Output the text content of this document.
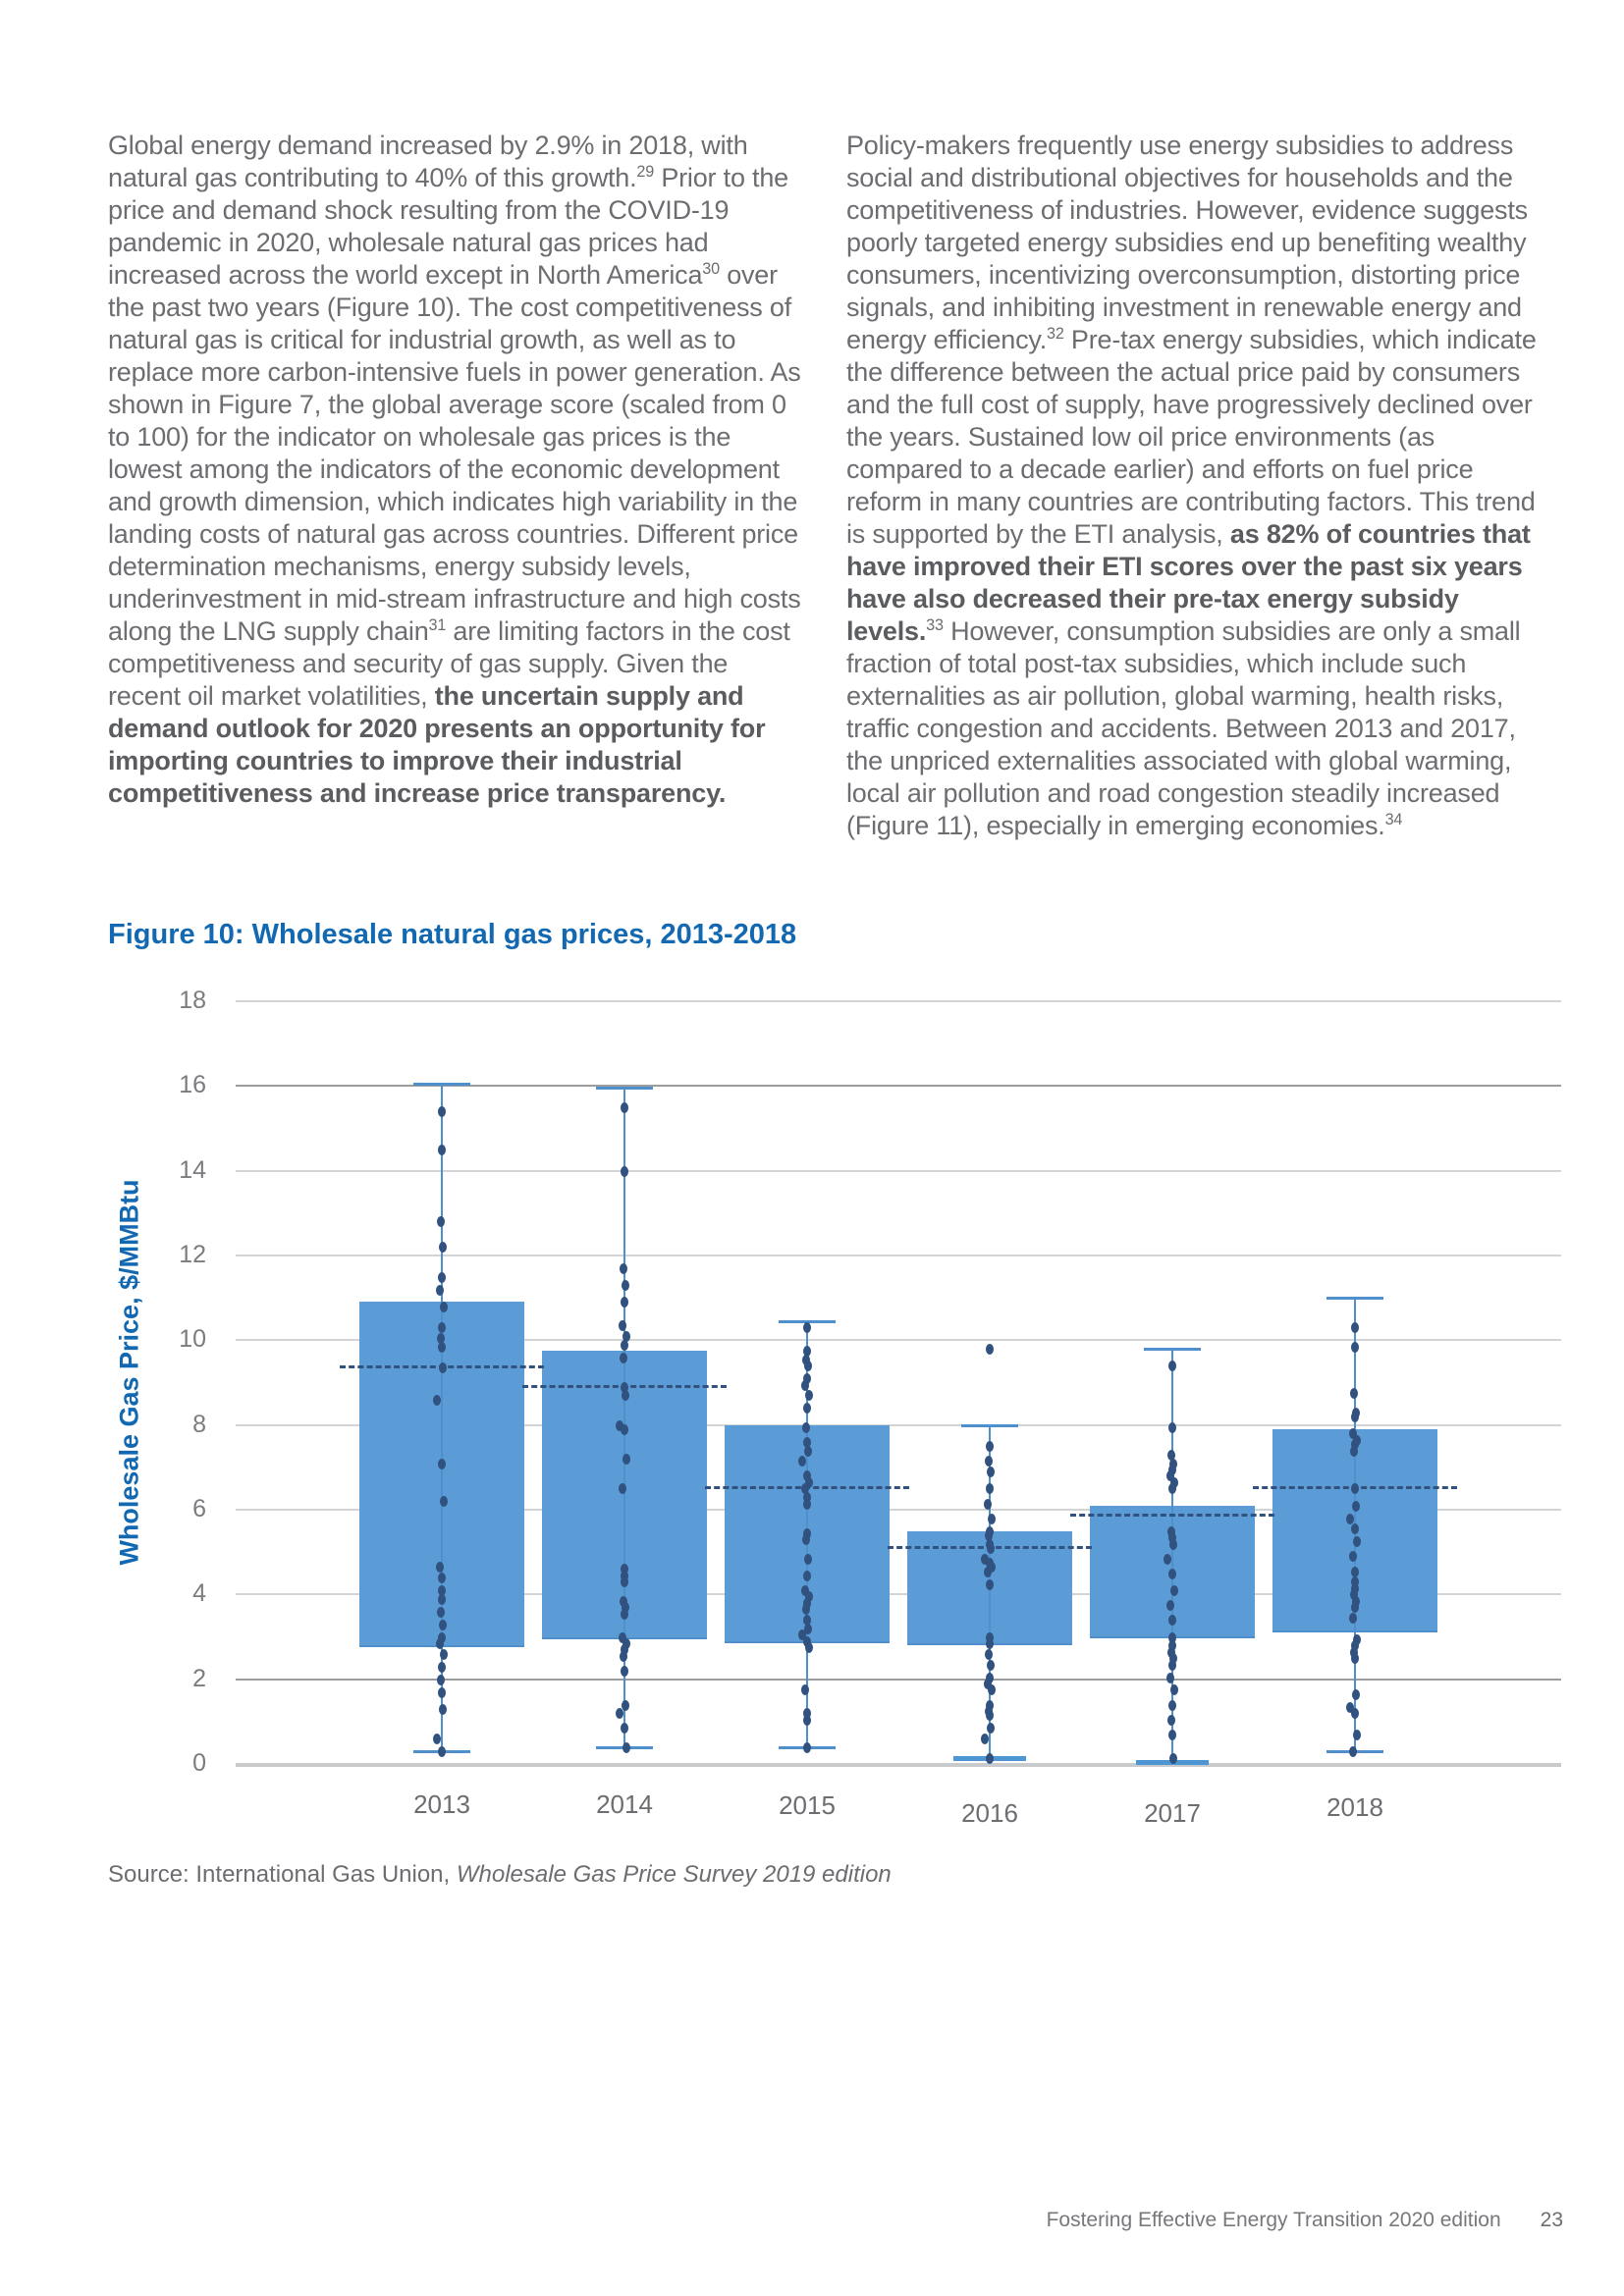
Global energy demand increased by 2.9% in 2018, with natural gas contributing to 40% of this growth.$^{29}$ Prior to the price and demand shock resulting from the COVID-19 pandemic in 2020, wholesale natural gas prices had increased across the world except in North America$^{30}$ over the past two years (Figure 10). The cost competitiveness of natural gas is critical for industrial growth, as well as to replace more carbon-intensive fuels in power generation. As shown in Figure 7, the global average score (scaled from 0 to 100) for the indicator on wholesale gas prices is the lowest among the indicators of the economic development and growth dimension, which indicates high variability in the landing costs of natural gas across countries. Different price determination mechanisms, energy subsidy levels, underinvestment in mid-stream infrastructure and high costs along the LNG supply chain$^{31}$ are limiting factors in the cost competitiveness and security of gas supply. Given the recent oil market volatilities, the uncertain supply and demand outlook for 2020 presents an opportunity for importing countries to improve their industrial competitiveness and increase price transparency.
Policy-makers frequently use energy subsidies to address social and distributional objectives for households and the competitiveness of industries. However, evidence suggests poorly targeted energy subsidies end up benefiting wealthy consumers, incentivizing overconsumption, distorting price signals, and inhibiting investment in renewable energy and energy efficiency.$^{32}$ Pre-tax energy subsidies, which indicate the difference between the actual price paid by consumers and the full cost of supply, have progressively declined over the years. Sustained low oil price environments (as compared to a decade earlier) and efforts on fuel price reform in many countries are contributing factors. This trend is supported by the ETI analysis, as 82% of countries that have improved their ETI scores over the past six years have also decreased their pre-tax energy subsidy levels.$^{33}$ However, consumption subsidies are only a small fraction of total post-tax subsidies, which include such externalities as air pollution, global warming, health risks, traffic congestion and accidents. Between 2013 and 2017, the unpriced externalities associated with global warming, local air pollution and road congestion steadily increased (Figure 11), especially in emerging economies.$^{34}$
Figure 10: Wholesale natural gas prices, 2013-2018
Wholesale Gas Price, $/MMBtu
0
2
4
6
8
10
12
14
16
18
2013	2014	2015	2016	2017	2018
Source: International Gas Union, Wholesale Gas Price Survey 2019 edition
Fostering Effective Energy Transition 2020 edition 23
